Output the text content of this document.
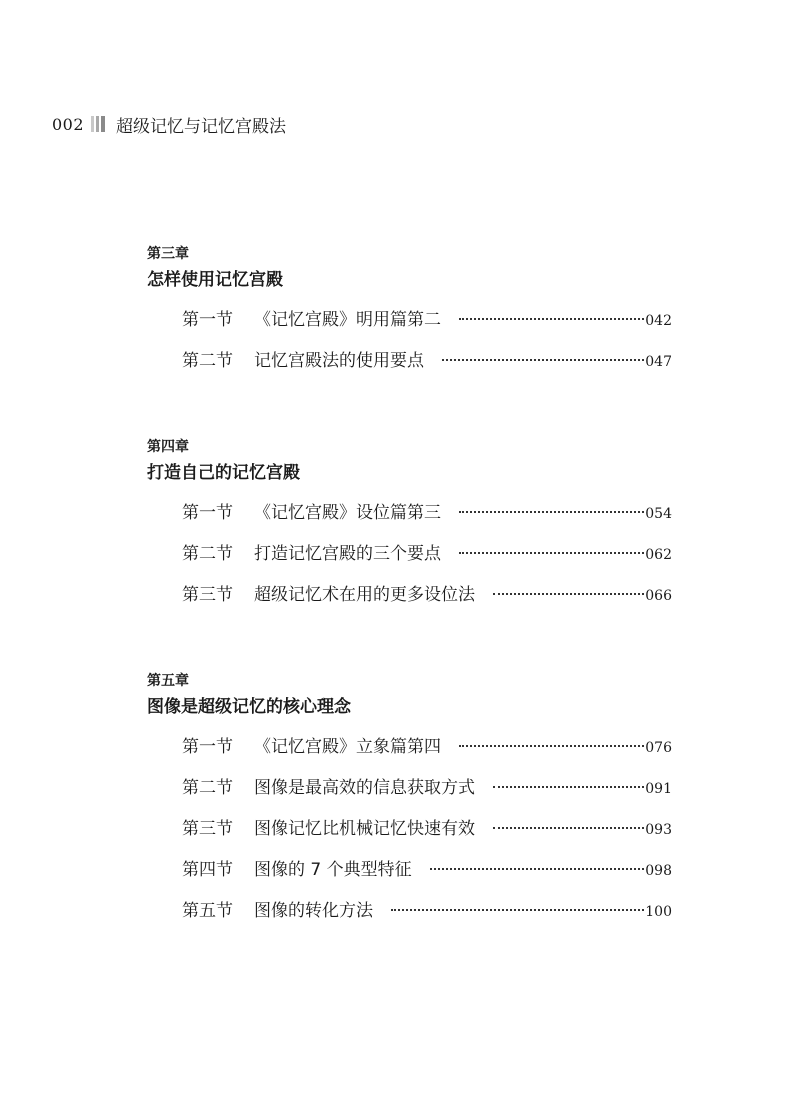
002 超级记忆与记忆宫殿法
第三章
怎样使用记忆宫殿
第一节	《记忆宫殿》明用篇第二	042
第二节	记忆宫殿法的使用要点	047
第四章
打造自己的记忆宫殿
第一节	《记忆宫殿》设位篇第三	054
第二节	打造记忆宫殿的三个要点	062
第三节	超级记忆术在用的更多设位法	066
第五章
图像是超级记忆的核心理念
第一节	《记忆宫殿》立象篇第四	076
第二节	图像是最高效的信息获取方式	091
第三节	图像记忆比机械记忆快速有效	093
第四节	图像的 7 个典型特征	098
第五节	图像的转化方法	100
